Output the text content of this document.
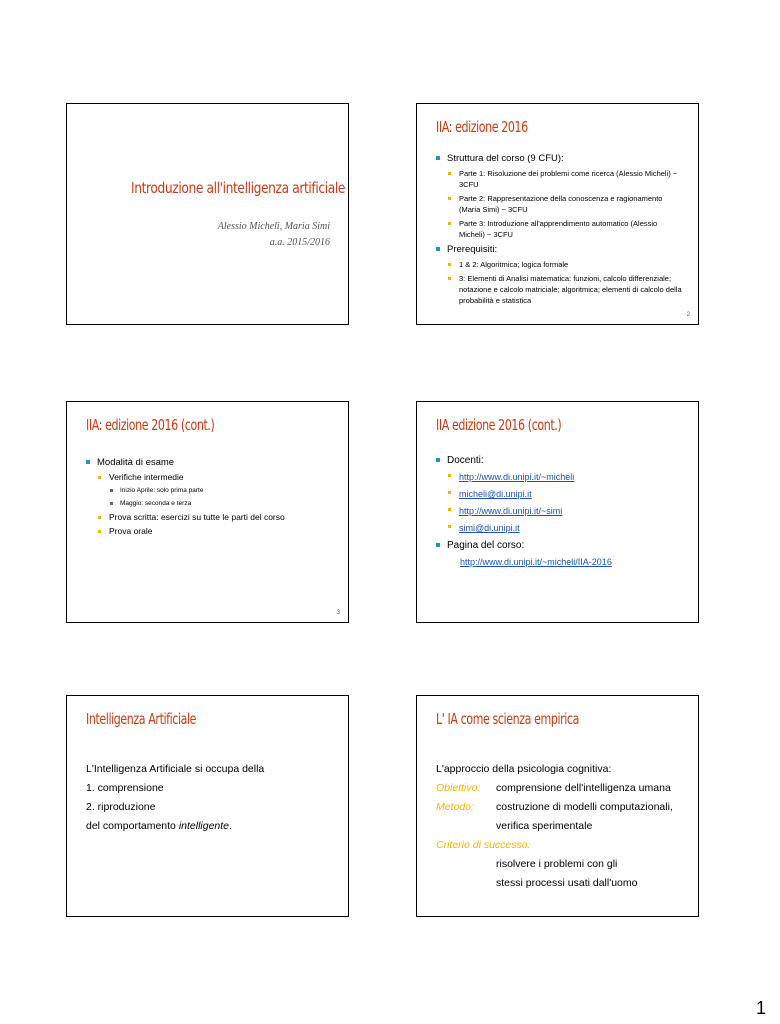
Introduzione all'intelligenza artificiale
Alessio Micheli, Maria Simi
a.a. 2015/2016
IIA: edizione 2016
Struttura del corso (9 CFU):
Parte 1: Risoluzione dei problemi come ricerca (Alessio Micheli) ~ 3CFU
Parte 2: Rappresentazione della conoscenza e ragionamento (Maria Simi) ~ 3CFU
Parte 3: Introduzione all'apprendimento automatico (Alessio Micheli) ~ 3CFU
Prerequisiti:
1 & 2: Algoritmica; logica formale
3: Elementi di Analisi matematica: funzioni, calcolo differenziale; notazione e calcolo matriciale; algoritmica; elementi di calcolo della probabilità e statistica
2
IIA: edizione 2016 (cont.)
Modalità di esame
Verifiche intermedie
Inizio Aprile: solo prima parte
Maggio: seconda e terza
Prova scritta: esercizi su tutte le parti del corso
Prova orale
3
IIA edizione 2016 (cont.)
Docenti:
http://www.di.unipi.it/~micheli
micheli@di.unipi.it
http://www.di.unipi.it/~simi
simi@di.unipi.it
Pagina del corso:
http://www.di.unipi.it/~micheli/IIA-2016
Intelligenza Artificiale

L'Intelligenza Artificiale si occupa della

1. comprensione

2. riproduzione

del comportamento intelligente.

L' IA come scienza empirica

L'approccio della psicologia cognitiva:

Obiettivo:	comprensione dell'intelligenza umana
Metodo:	costruzione di modelli computazionali,
verifica sperimentale
Criterio di successo:
risolvere i problemi con gli
stessi processi usati dall'uomo
1
